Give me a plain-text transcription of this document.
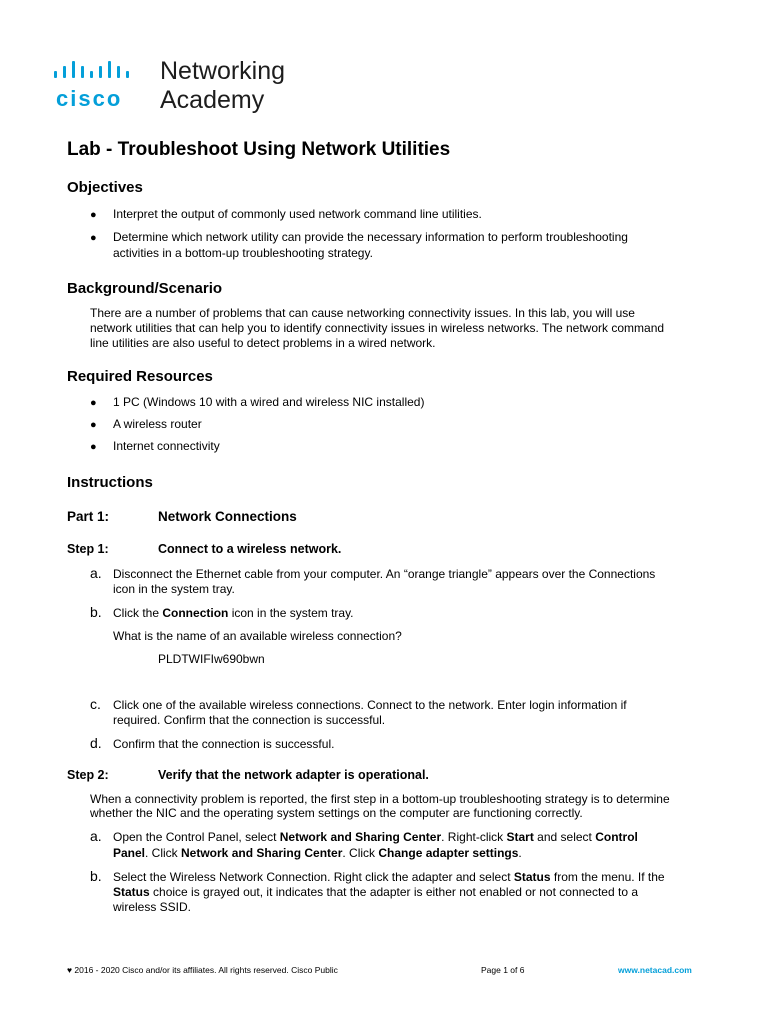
cisco
Networking
Academy
Lab - Troubleshoot Using Network Utilities
Objectives
● Interpret the output of commonly used network command line utilities.
● Determine which network utility can provide the necessary information to perform troubleshooting
activities in a bottom-up troubleshooting strategy.
Background/Scenario
There are a number of problems that can cause networking connectivity issues. In this lab, you will use
network utilities that can help you to identify connectivity issues in wireless networks. The network command
line utilities are also useful to detect problems in a wired network.
Required Resources
● 1 PC (Windows 10 with a wired and wireless NIC installed)
● A wireless router
● Internet connectivity
Instructions
Part 1:	Network Connections
Step 1:	Connect to a wireless network.
a. Disconnect the Ethernet cable from your computer. An “orange triangle” appears over the Connections
icon in the system tray.
b. Click the Connection icon in the system tray.
What is the name of an available wireless connection?
PLDTWIFIw690bwn
c. Click one of the available wireless connections. Connect to the network. Enter login information if
required. Confirm that the connection is successful.
d. Confirm that the connection is successful.
Step 2:	Verify that the network adapter is operational.
When a connectivity problem is reported, the first step in a bottom-up troubleshooting strategy is to determine
whether the NIC and the operating system settings on the computer are functioning correctly.
a. Open the Control Panel, select Network and Sharing Center. Right-click Start and select Control
Panel. Click Network and Sharing Center. Click Change adapter settings.
b. Select the Wireless Network Connection. Right click the adapter and select Status from the menu. If the
Status choice is grayed out, it indicates that the adapter is either not enabled or not connected to a
wireless SSID.
♥ 2016 - 2020 Cisco and/or its affiliates. All rights reserved. Cisco Public	Page 1 of 6	www.netacad.com
